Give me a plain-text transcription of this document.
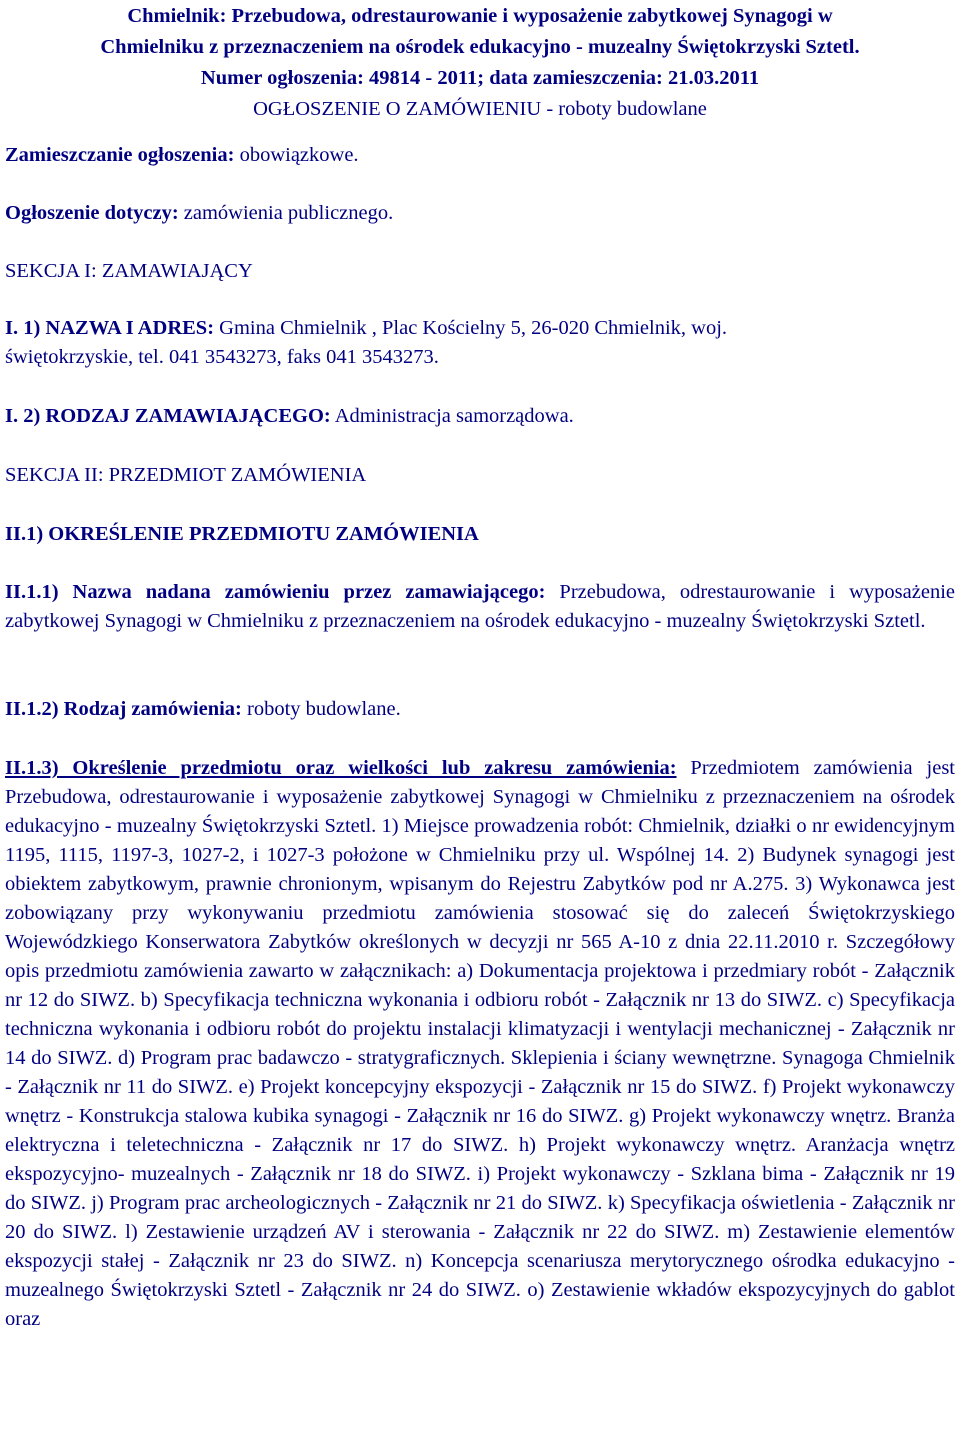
Chmielnik: Przebudowa, odrestaurowanie i wyposażenie zabytkowej Synagogi w
Chmielniku z przeznaczeniem na ośrodek edukacyjno - muzealny Świętokrzyski Sztetl.
Numer ogłoszenia: 49814 - 2011; data zamieszczenia: 21.03.2011
OGŁOSZENIE O ZAMÓWIENIU - roboty budowlane
Zamieszczanie ogłoszenia: obowiązkowe.
Ogłoszenie dotyczy: zamówienia publicznego.
SEKCJA I: ZAMAWIAJĄCY
I. 1) NAZWA I ADRES: Gmina Chmielnik , Plac Kościelny 5, 26-020 Chmielnik, woj.
świętokrzyskie, tel. 041 3543273, faks 041 3543273.
I. 2) RODZAJ ZAMAWIAJĄCEGO: Administracja samorządowa.
SEKCJA II: PRZEDMIOT ZAMÓWIENIA
II.1) OKREŚLENIE PRZEDMIOTU ZAMÓWIENIA
II.1.1) Nazwa nadana zamówieniu przez zamawiającego: Przebudowa, odrestaurowanie i wyposażenie zabytkowej Synagogi w Chmielniku z przeznaczeniem na ośrodek edukacyjno - muzealny Świętokrzyski Sztetl.
II.1.2) Rodzaj zamówienia: roboty budowlane.
II.1.3) Określenie przedmiotu oraz wielkości lub zakresu zamówienia: Przedmiotem zamówienia jest Przebudowa, odrestaurowanie i wyposażenie zabytkowej Synagogi w Chmielniku z przeznaczeniem na ośrodek edukacyjno - muzealny Świętokrzyski Sztetl. 1) Miejsce prowadzenia robót: Chmielnik, działki o nr ewidencyjnym 1195, 1115, 1197-3, 1027-2, i 1027-3 położone w Chmielniku przy ul. Wspólnej 14. 2) Budynek synagogi jest obiektem zabytkowym, prawnie chronionym, wpisanym do Rejestru Zabytków pod nr A.275. 3) Wykonawca jest zobowiązany przy wykonywaniu przedmiotu zamówienia stosować się do zaleceń Świętokrzyskiego Wojewódzkiego Konserwatora Zabytków określonych w decyzji nr 565 A-10 z dnia 22.11.2010 r. Szczegółowy opis przedmiotu zamówienia zawarto w załącznikach: a) Dokumentacja projektowa i przedmiary robót - Załącznik nr 12 do SIWZ. b) Specyfikacja techniczna wykonania i odbioru robót - Załącznik nr 13 do SIWZ. c) Specyfikacja techniczna wykonania i odbioru robót do projektu instalacji klimatyzacji i wentylacji mechanicznej - Załącznik nr 14 do SIWZ. d) Program prac badawczo - stratygraficznych. Sklepienia i ściany wewnętrzne. Synagoga Chmielnik - Załącznik nr 11 do SIWZ. e) Projekt koncepcyjny ekspozycji - Załącznik nr 15 do SIWZ. f) Projekt wykonawczy wnętrz - Konstrukcja stalowa kubika synagogi - Załącznik nr 16 do SIWZ. g) Projekt wykonawczy wnętrz. Branża elektryczna i teletechniczna - Załącznik nr 17 do SIWZ. h) Projekt wykonawczy wnętrz. Aranżacja wnętrz ekspozycyjno- muzealnych - Załącznik nr 18 do SIWZ. i) Projekt wykonawczy - Szklana bima - Załącznik nr 19 do SIWZ. j) Program prac archeologicznych - Załącznik nr 21 do SIWZ. k) Specyfikacja oświetlenia - Załącznik nr 20 do SIWZ. l) Zestawienie urządzeń AV i sterowania - Załącznik nr 22 do SIWZ. m) Zestawienie elementów ekspozycji stałej - Załącznik nr 23 do SIWZ. n) Koncepcja scenariusza merytorycznego ośrodka edukacyjno - muzealnego Świętokrzyski Sztetl - Załącznik nr 24 do SIWZ. o) Zestawienie wkładów ekspozycyjnych do gablot oraz
